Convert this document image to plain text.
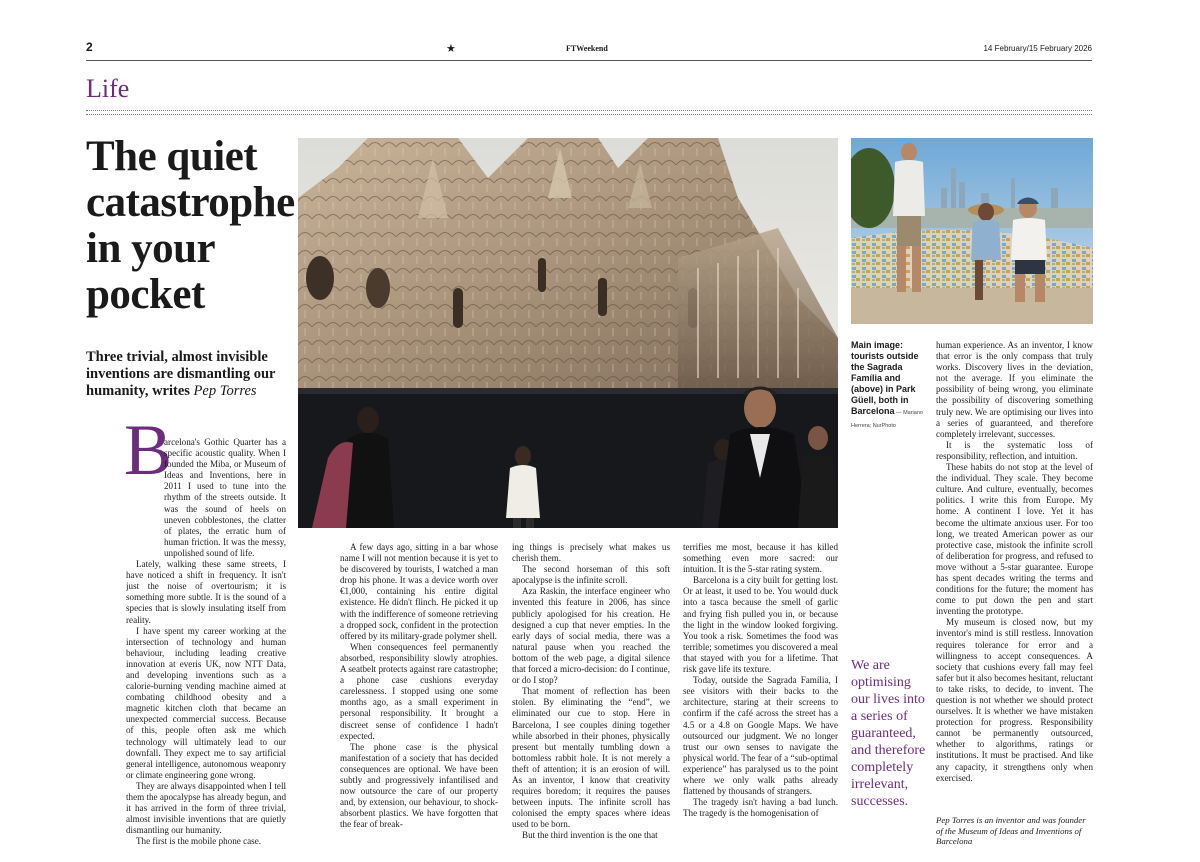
2	★	FTWeekend	14 February/15 February 2026
Life
The quiet catastrophe in your pocket
Three trivial, almost invisible inventions are dismantling our humanity, writes Pep Torres
B

arcelona's Gothic Quarter has a specific acoustic quality. When I founded the Miba, or Museum of Ideas and Inventions, here in 2011 I used to tune into the rhythm of the streets outside. It was the sound of heels on uneven cobblestones, the clatter of plates, the erratic hum of human friction. It was the messy, unpolished sound of life.

Lately, walking these same streets, I have noticed a shift in frequency. It isn't just the noise of overtourism; it is something more subtle. It is the sound of a species that is slowly insulating itself from reality.

I have spent my career working at the intersection of technology and human behaviour, including leading creative innovation at everis UK, now NTT Data, and developing inventions such as a calorie-burning vending machine aimed at combating childhood obesity and a magnetic kitchen cloth that became an unexpected commercial success. Because of this, people often ask me which technology will ultimately lead to our downfall. They expect me to say artificial general intelligence, autonomous weaponry or climate engineering gone wrong.

They are always disappointed when I tell them the apocalypse has already begun, and it has arrived in the form of three trivial, almost invisible inventions that are quietly dismantling our humanity.

The first is the mobile phone case.

Main image: tourists outside the Sagrada Família and (above) in Park Güell, both in Barcelona — Mariano Herrera; NurPhoto
We are optimising our lives into a series of guaranteed, and therefore completely irrelevant, successes.

A few days ago, sitting in a bar whose name I will not mention because it is yet to be discovered by tourists, I watched a man drop his phone. It was a device worth over €1,000, containing his entire digital existence. He didn't flinch. He picked it up with the indifference of someone retrieving a dropped sock, confident in the protection offered by its military-grade polymer shell.

When consequences feel permanently absorbed, responsibility slowly atrophies. A seatbelt protects against rare catastrophe; a phone case cushions everyday carelessness. I stopped using one some months ago, as a small experiment in personal responsibility. It brought a discreet sense of confidence I hadn't expected.

The phone case is the physical manifestation of a society that has decided consequences are optional. We have been subtly and progressively infantilised and now outsource the care of our property and, by extension, our behaviour, to shock-absorbent plastics. We have forgotten that the fear of break-

ing things is precisely what makes us cherish them.

The second horseman of this soft apocalypse is the infinite scroll.

Aza Raskin, the interface engineer who invented this feature in 2006, has since publicly apologised for his creation. He designed a cup that never empties. In the early days of social media, there was a natural pause when you reached the bottom of the web page, a digital silence that forced a micro-decision: do I continue, or do I stop?

That moment of reflection has been stolen. By eliminating the “end”, we eliminated our cue to stop. Here in Barcelona, I see couples dining together while absorbed in their phones, physically present but mentally tumbling down a bottomless rabbit hole. It is not merely a theft of attention; it is an erosion of will. As an inventor, I know that creativity requires boredom; it requires the pauses between inputs. The infinite scroll has colonised the empty spaces where ideas used to be born.

But the third invention is the one that

terrifies me most, because it has killed something even more sacred: our intuition. It is the 5-star rating system.

Barcelona is a city built for getting lost. Or at least, it used to be. You would duck into a tasca because the smell of garlic and frying fish pulled you in, or because the light in the window looked forgiving. You took a risk. Sometimes the food was terrible; sometimes you discovered a meal that stayed with you for a lifetime. That risk gave life its texture.

Today, outside the Sagrada Família, I see visitors with their backs to the architecture, staring at their screens to confirm if the café across the street has a 4.5 or a 4.8 on Google Maps. We have outsourced our judgment. We no longer trust our own senses to navigate the physical world. The fear of a “sub-optimal experience” has paralysed us to the point where we only walk paths already flattened by thousands of strangers.

The tragedy isn't having a bad lunch. The tragedy is the homogenisation of

human experience. As an inventor, I know that error is the only compass that truly works. Discovery lives in the deviation, not the average. If you eliminate the possibility of being wrong, you eliminate the possibility of discovering something truly new. We are optimising our lives into a series of guaranteed, and therefore completely irrelevant, successes.

It is the systematic loss of responsibility, reflection, and intuition.

These habits do not stop at the level of the individual. They scale. They become culture. And culture, eventually, becomes politics. I write this from Europe. My home. A continent I love. Yet it has become the ultimate anxious user. For too long, we treated American power as our protective case, mistook the infinite scroll of deliberation for progress, and refused to move without a 5-star guarantee. Europe has spent decades writing the terms and conditions for the future; the moment has come to put down the pen and start inventing the prototype.

My museum is closed now, but my inventor's mind is still restless. Innovation requires tolerance for error and a willingness to accept consequences. A society that cushions every fall may feel safer but it also becomes hesitant, reluctant to take risks, to decide, to invent. The question is not whether we should protect ourselves. It is whether we have mistaken protection for progress. Responsibility cannot be permanently outsourced, whether to algorithms, ratings or institutions. It must be practised. And like any capacity, it strengthens only when exercised.

Pep Torres is an inventor and was founder of the Museum of Ideas and Inventions of Barcelona
